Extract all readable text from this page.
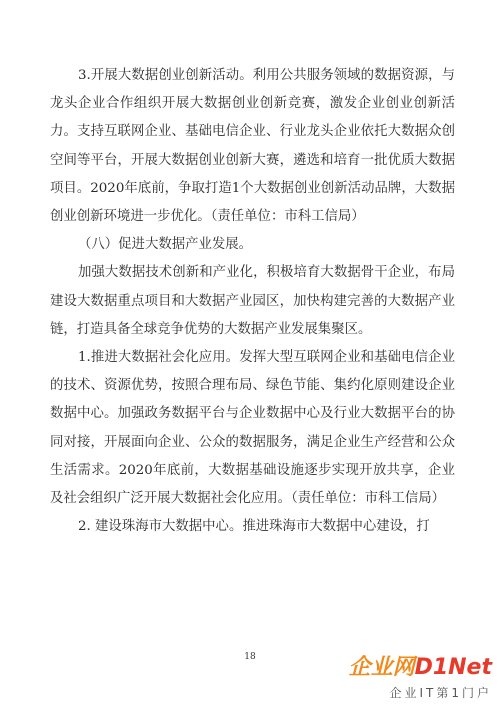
3.开展大数据创业创新活动。利用公共服务领域的数据资源，与龙头企业合作组织开展大数据创业创新竞赛，激发企业创业创新活力。支持互联网企业、基础电信企业、行业龙头企业依托大数据众创空间等平台，开展大数据创业创新大赛，遴选和培育一批优质大数据项目。2020年底前，争取打造1个大数据创业创新活动品牌，大数据创业创新环境进一步优化。（责任单位：市科工信局）

（八）促进大数据产业发展。

加强大数据技术创新和产业化，积极培育大数据骨干企业，布局建设大数据重点项目和大数据产业园区，加快构建完善的大数据产业链，打造具备全球竞争优势的大数据产业发展集聚区。

1.推进大数据社会化应用。发挥大型互联网企业和基础电信企业的技术、资源优势，按照合理布局、绿色节能、集约化原则建设企业数据中心。加强政务数据平台与企业数据中心及行业大数据平台的协同对接，开展面向企业、公众的数据服务，满足企业生产经营和公众生活需求。2020年底前，大数据基础设施逐步实现开放共享，企业及社会组织广泛开展大数据社会化应用。（责任单位：市科工信局）

2. 建设珠海市大数据中心。推进珠海市大数据中心建设，打

18	企业网D1Net
企业IT第1门户
